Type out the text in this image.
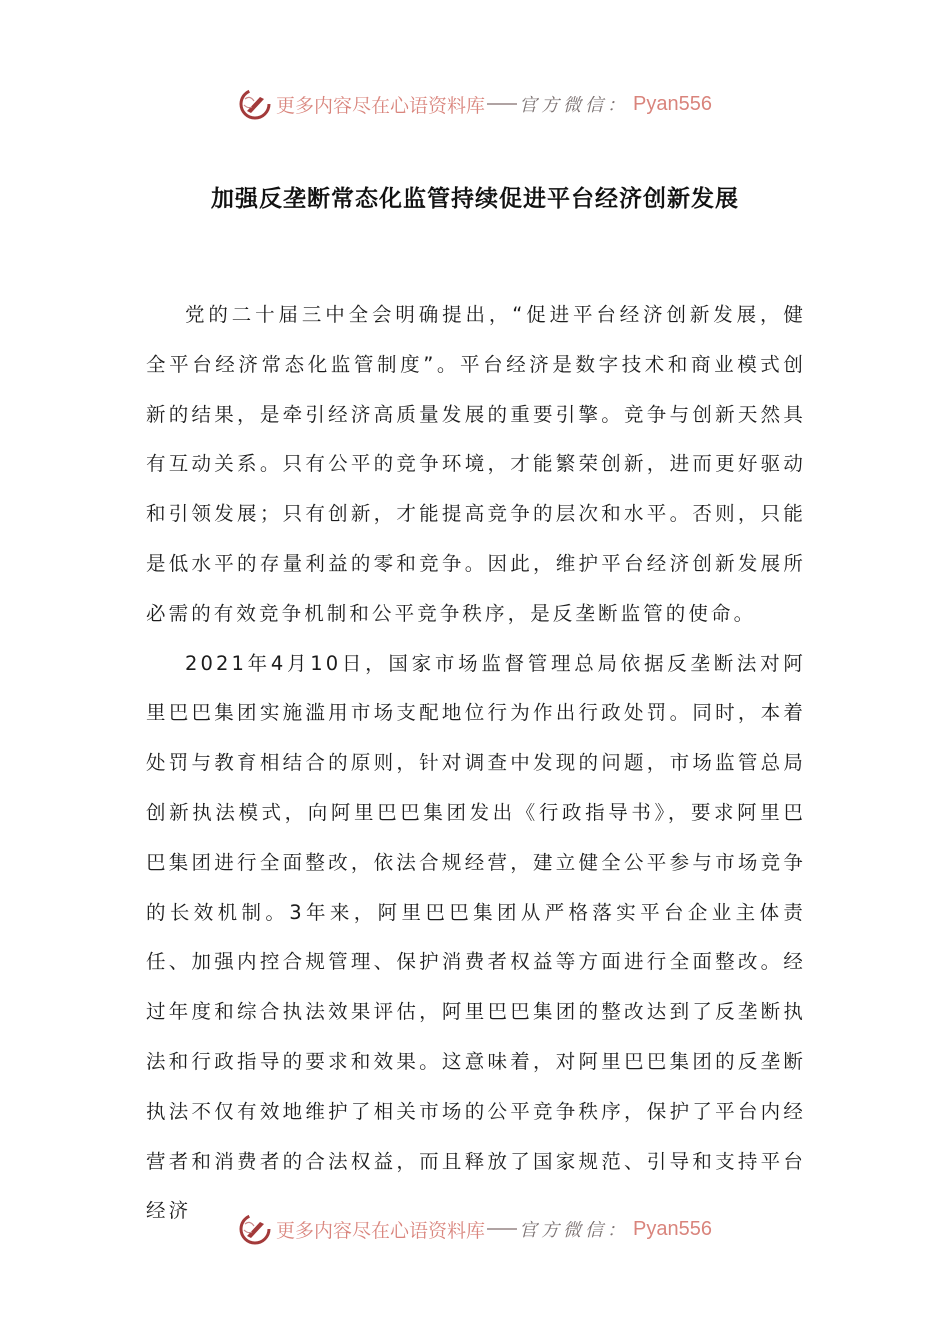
更多内容尽在心语资料库 官方微信： Pyan556
加强反垄断常态化监管持续促进平台经济创新发展

党的二十届三中全会明确提出，“促进平台经济创新发展，健全平台经济常态化监管制度”。平台经济是数字技术和商业模式创新的结果，是牵引经济高质量发展的重要引擎。竞争与创新天然具有互动关系。只有公平的竞争环境，才能繁荣创新，进而更好驱动和引领发展；只有创新，才能提高竞争的层次和水平。否则，只能是低水平的存量利益的零和竞争。因此，维护平台经济创新发展所必需的有效竞争机制和公平竞争秩序，是反垄断监管的使命。

2021年4月10日，国家市场监督管理总局依据反垄断法对阿里巴巴集团实施滥用市场支配地位行为作出行政处罚。同时，本着处罚与教育相结合的原则，针对调查中发现的问题，市场监管总局创新执法模式，向阿里巴巴集团发出《行政指导书》，要求阿里巴巴集团进行全面整改，依法合规经营，建立健全公平参与市场竞争的长效机制。3年来，阿里巴巴集团从严格落实平台企业主体责任、加强内控合规管理、保护消费者权益等方面进行全面整改。经过年度和综合执法效果评估，阿里巴巴集团的整改达到了反垄断执法和行政指导的要求和效果。这意味着，对阿里巴巴集团的反垄断执法不仅有效地维护了相关市场的公平竞争秩序，保护了平台内经营者和消费者的合法权益，而且释放了国家规范、引导和支持平台经济

更多内容尽在心语资料库 官方微信： Pyan556
